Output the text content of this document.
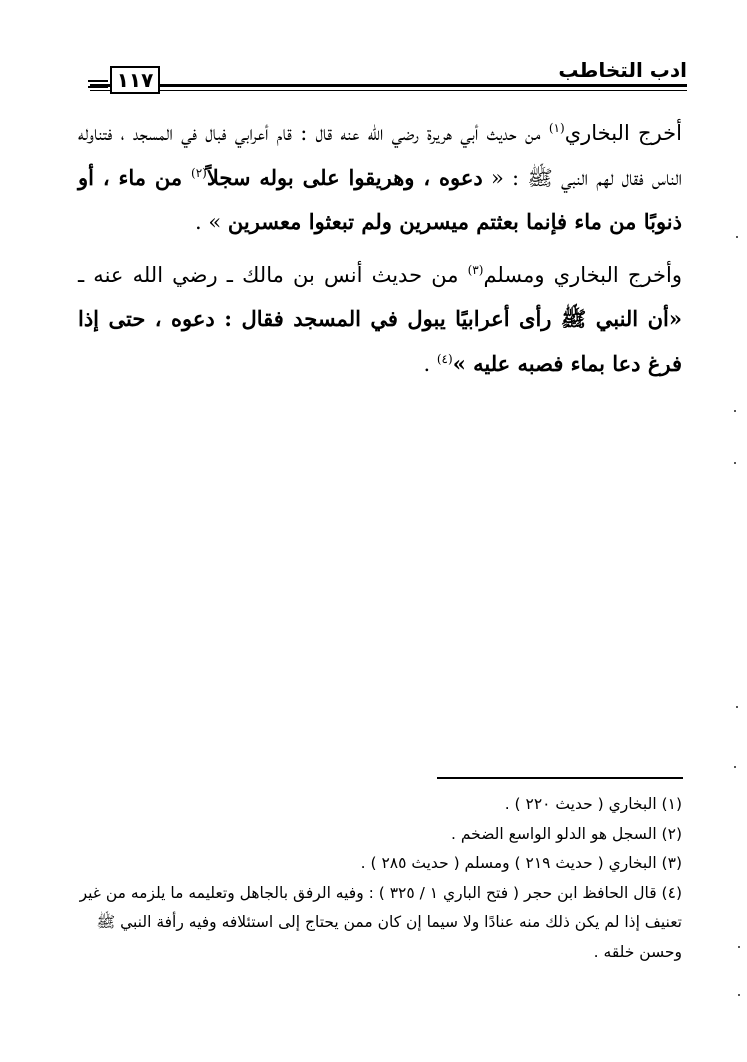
ادب التخاطب
١١٧

أخرج البخاري$^{(١)}$ من حديث أبي هريرة رضي الله عنه قال : قام أعرابي فبال في المسجد ، فتناوله الناس فقال لهم النبي ﷺ : « دعوه ، وهريقوا على بوله سجلاً$^{(٢)}$ من ماء ، أو ذنوبًا من ماء فإنما بعثتم ميسرين ولم تبعثوا معسرين » .

وأخرج البخاري ومسلم$^{(٣)}$ من حديث أنس بن مالك ـ رضي الله عنه ـ «أن النبي ﷺ رأى أعرابيًا يبول في المسجد فقال : دعوه ، حتى إذا فرغ دعا بماء فصبه عليه »$^{(٤)}$ .

(١) البخاري ( حديث ٢٢٠ ) .

(٢) السجل هو الدلو الواسع الضخم .

(٣) البخاري ( حديث ٢١٩ ) ومسلم ( حديث ٢٨٥ ) .

(٤) قال الحافظ ابن حجر ( فتح الباري ١ / ٣٢٥ ) : وفيه الرفق بالجاهل وتعليمه ما يلزمه من غير تعنيف إذا لم يكن ذلك منه عنادًا ولا سيما إن كان ممن يحتاج إلى استئلافه وفيه رأفة النبي ﷺ وحسن خلقه .
